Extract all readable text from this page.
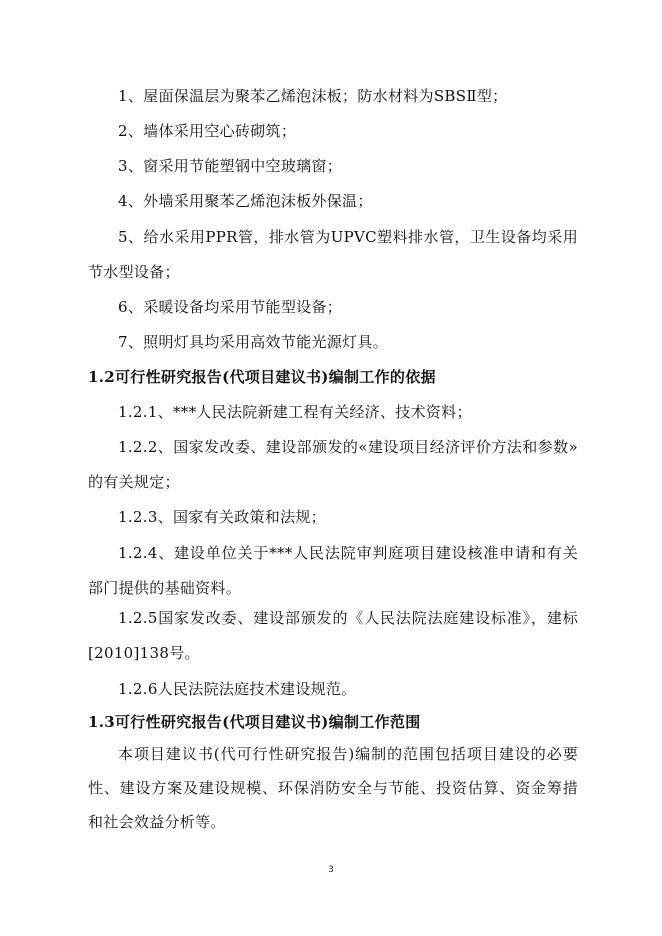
1、屋面保温层为聚苯乙烯泡沫板；防水材料为SBSⅡ型；
2、墙体采用空心砖砌筑；
3、窗采用节能塑钢中空玻璃窗；
4、外墙采用聚苯乙烯泡沫板外保温；
5、给水采用PPR管，排水管为UPVC塑料排水管，卫生设备均采用
节水型设备；
6、采暖设备均采用节能型设备；
7、照明灯具均采用高效节能光源灯具。
1.2可行性研究报告(代项目建议书)编制工作的依据
1.2.1、***人民法院新建工程有关经济、技术资料；
1.2.2、国家发改委、建设部颁发的«建设项目经济评价方法和参数»
的有关规定；
1.2.3、国家有关政策和法规；
1.2.4、建设单位关于***人民法院审判庭项目建设核准申请和有关
部门提供的基础资料。
1.2.5国家发改委、建设部颁发的《人民法院法庭建设标准》，建标
[2010]138号。
1.2.6人民法院法庭技术建设规范。
1.3可行性研究报告(代项目建议书)编制工作范围
本项目建议书(代可行性研究报告)编制的范围包括项目建设的必要
性、建设方案及建设规模、环保消防安全与节能、投资估算、资金筹措
和社会效益分析等。
3
